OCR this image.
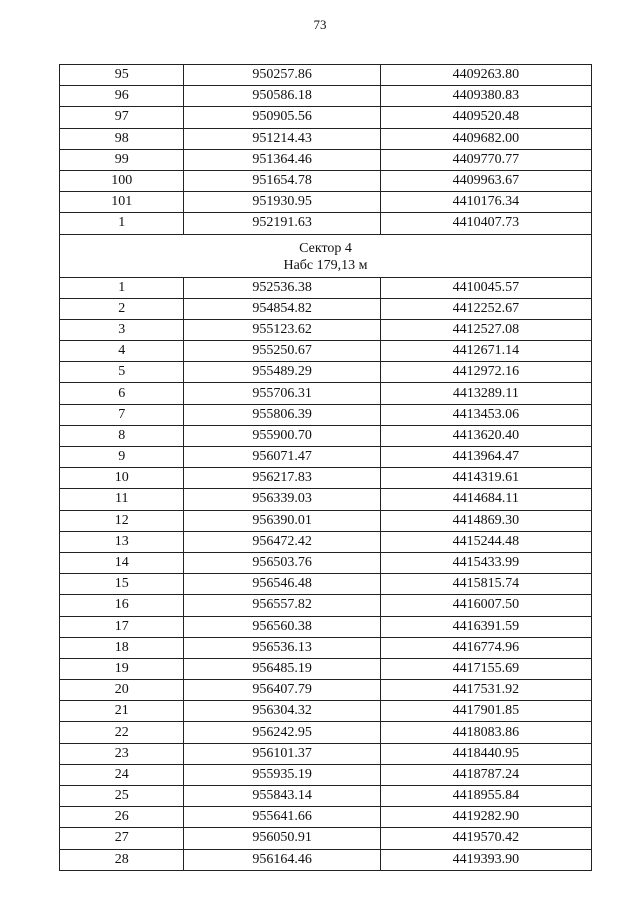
73
95	950257.86	4409263.80
96	950586.18	4409380.83
97	950905.56	4409520.48
98	951214.43	4409682.00
99	951364.46	4409770.77
100	951654.78	4409963.67
101	951930.95	4410176.34
1	952191.63	4410407.73

Сектор 4
Набс 179,13 м		

1	952536.38	4410045.57
2	954854.82	4412252.67
3	955123.62	4412527.08
4	955250.67	4412671.14
5	955489.29	4412972.16
6	955706.31	4413289.11
7	955806.39	4413453.06
8	955900.70	4413620.40
9	956071.47	4413964.47
10	956217.83	4414319.61
11	956339.03	4414684.11
12	956390.01	4414869.30
13	956472.42	4415244.48
14	956503.76	4415433.99
15	956546.48	4415815.74
16	956557.82	4416007.50
17	956560.38	4416391.59
18	956536.13	4416774.96
19	956485.19	4417155.69
20	956407.79	4417531.92
21	956304.32	4417901.85
22	956242.95	4418083.86
23	956101.37	4418440.95
24	955935.19	4418787.24
25	955843.14	4418955.84
26	955641.66	4419282.90
27	956050.91	4419570.42
28	956164.46	4419393.90
